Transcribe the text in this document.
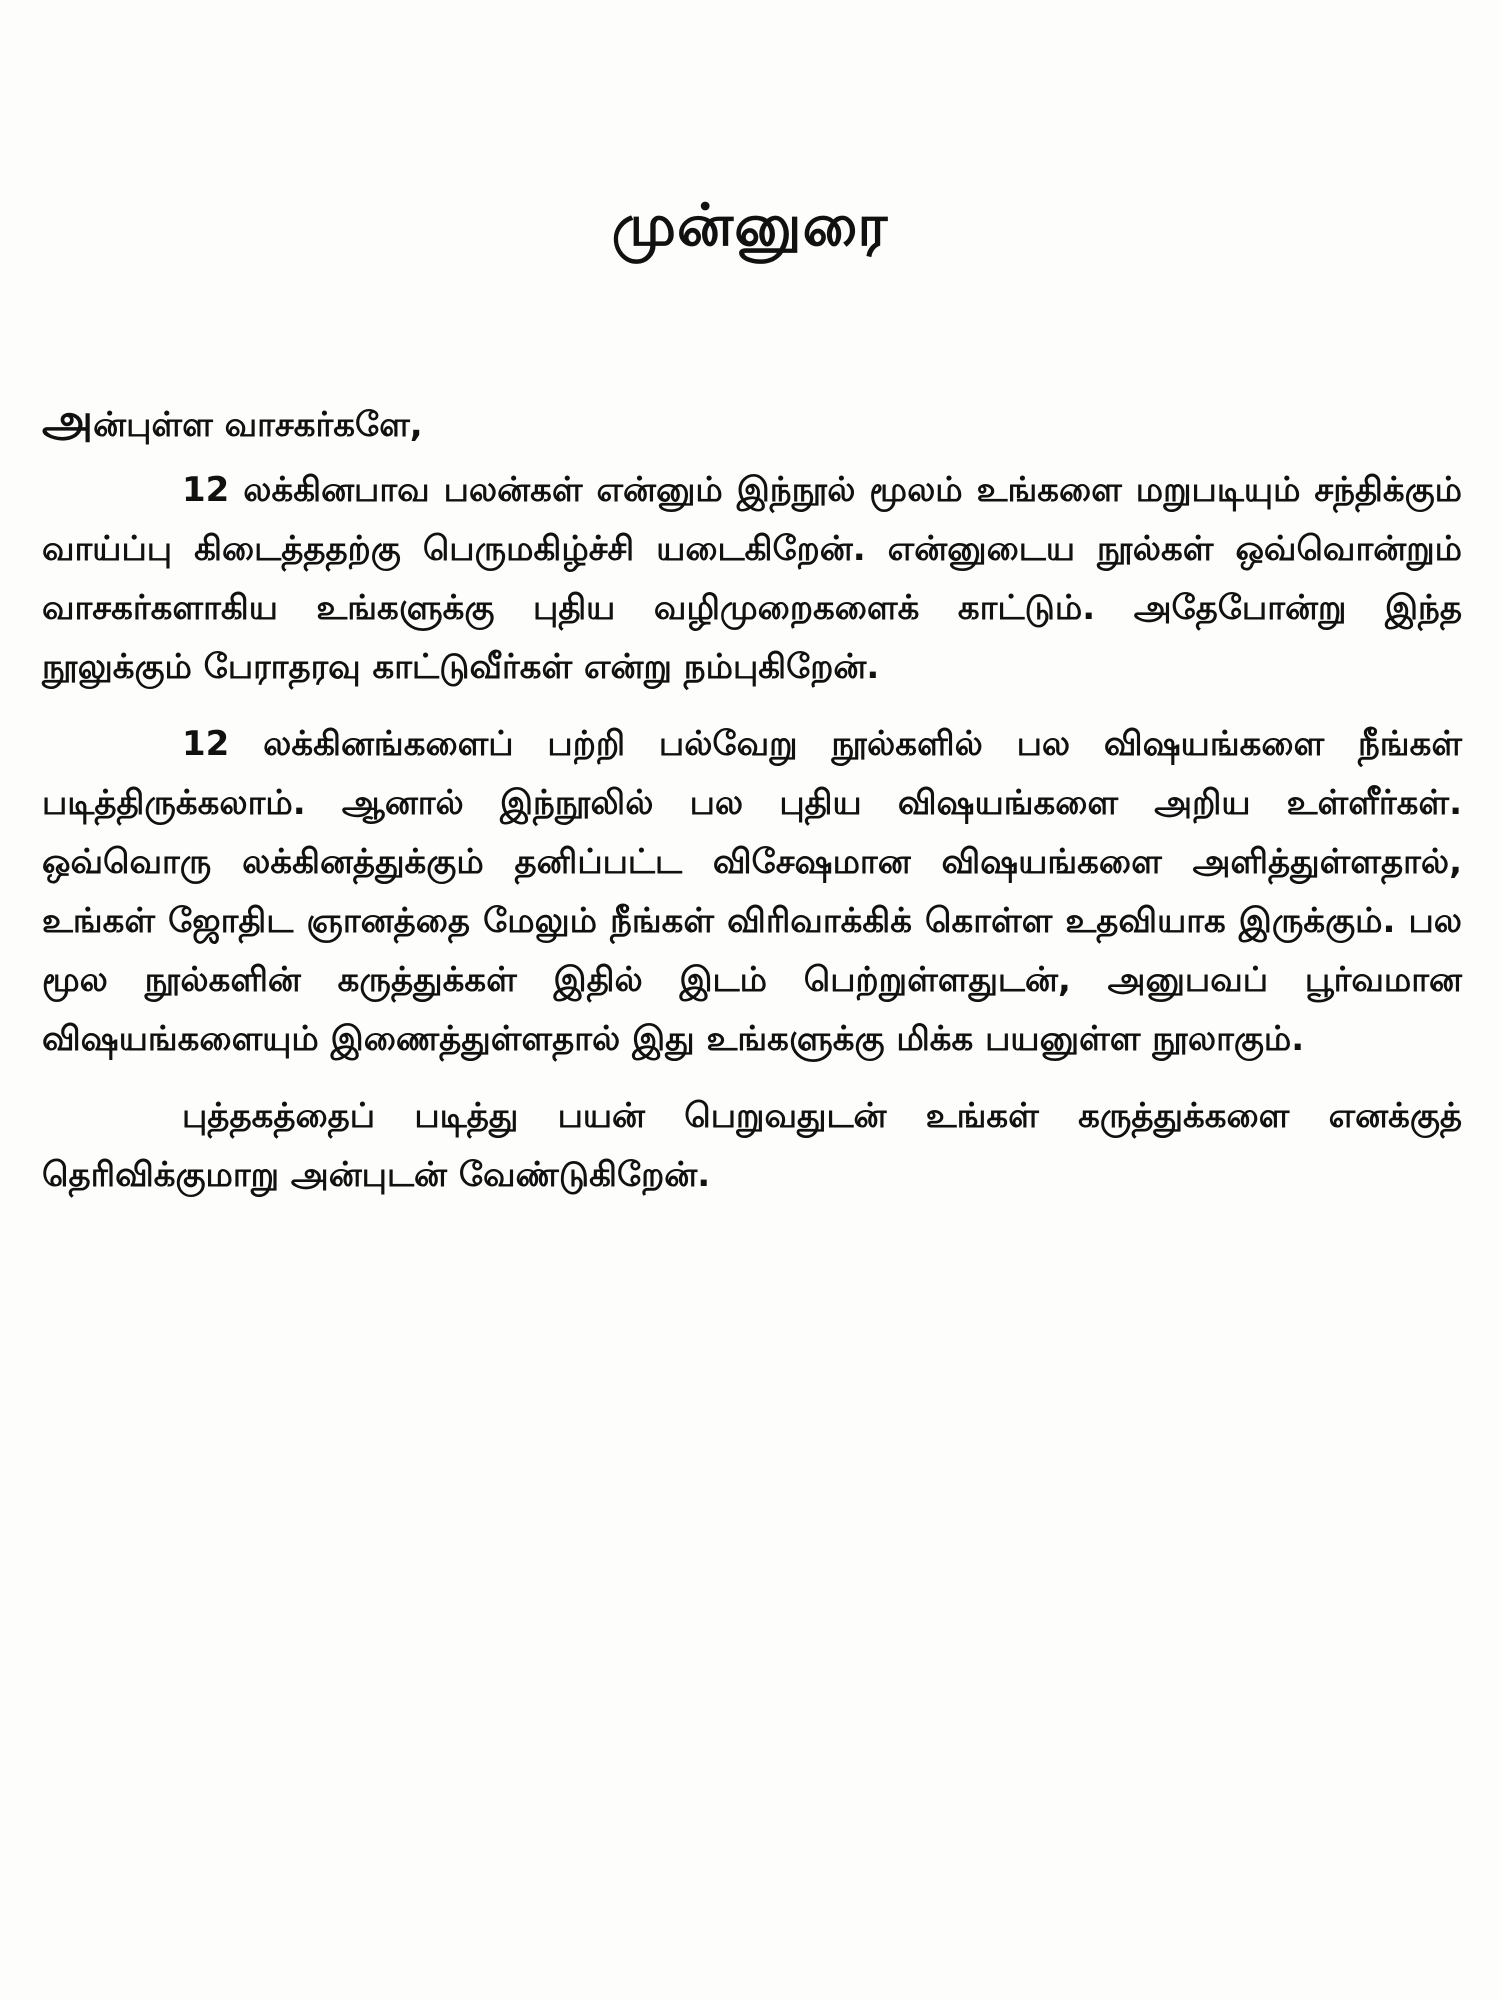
முன்னுரை
அன்புள்ள வாசகர்களே,

12 லக்கினபாவ பலன்கள் என்னும் இந்நூல் மூலம் உங்களை மறுபடியும் சந்திக்கும் வாய்ப்பு கிடைத்ததற்கு பெருமகிழ்ச்சி யடைகிறேன். என்னுடைய நூல்கள் ஒவ்வொன்றும் வாசகர்களாகிய உங்களுக்கு புதிய வழிமுறைகளைக் காட்டும். அதேபோன்று இந்த நூலுக்கும் பேராதரவு காட்டுவீர்கள் என்று நம்புகிறேன்.

12 லக்கினங்களைப் பற்றி பல்வேறு நூல்களில் பல விஷயங்களை நீங்கள் படித்திருக்கலாம். ஆனால் இந்நூலில் பல புதிய விஷயங்களை அறிய உள்ளீர்கள். ஒவ்வொரு லக்கினத்துக்கும் தனிப்பட்ட விசேஷமான விஷயங்களை அளித்துள்ளதால், உங்கள் ஜோதிட ஞானத்தை மேலும் நீங்கள் விரிவாக்கிக் கொள்ள உதவியாக இருக்கும். பல மூல நூல்களின் கருத்துக்கள் இதில் இடம் பெற்றுள்ளதுடன், அனுபவப் பூர்வமான விஷயங்களையும் இணைத்துள்ளதால் இது உங்களுக்கு மிக்க பயனுள்ள நூலாகும்.

புத்தகத்தைப் படித்து பயன் பெறுவதுடன் உங்கள் கருத்துக்களை எனக்குத் தெரிவிக்குமாறு அன்புடன் வேண்டுகிறேன்.
